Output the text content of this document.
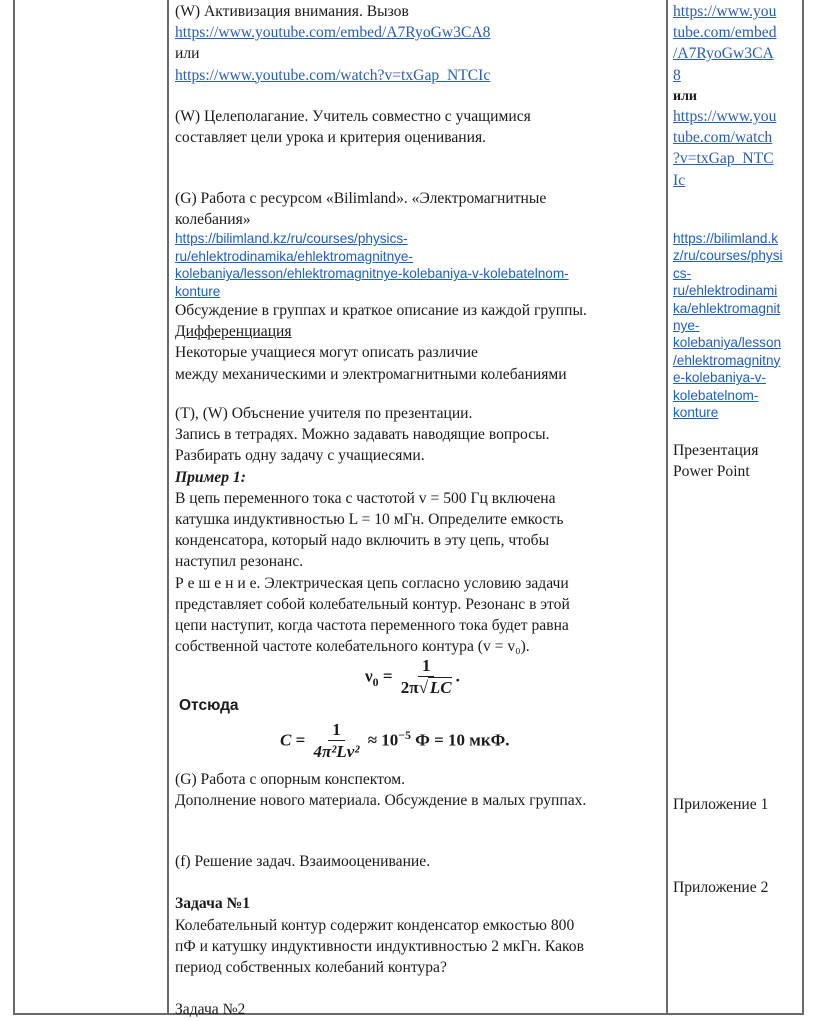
(W) Активизация внимания. Вызов

https://www.youtube.com/embed/A7RyoGw3CA8

или

https://www.youtube.com/watch?v=txGap_NTCIc

(W) Целеполагание. Учитель совместно с учащимися

составляет цели урока и критерия оценивания.

(G) Работа с ресурсом «Bilimland». «Электромагнитные

колебания»

https://bilimland.kz/ru/courses/physics-
ru/ehlektrodinamika/ehlektromagnitnye-
kolebaniya/lesson/ehlektromagnitnye-kolebaniya-v-kolebatelnom-
konture

Обсуждение в группах и краткое описание из каждой группы.

Дифференциация

Некоторые учащиеся могут описать различие

между механическими и электромагнитными колебаниями

(T), (W) Объснение учителя по презентации.

Запись в тетрадях. Можно задавать наводящие вопросы.

Разбирать одну задачу с учащиесями.

Пример 1:

В цепь переменного тока с частотой v = 500 Гц включена

катушка индуктивностью L = 10 мГн. Определите емкость

конденсатора, который надо включить в эту цепь, чтобы

наступил резонанс.

Р е ш е н и е. Электрическая цепь согласно условию задачи

представляет собой колебательный контур. Резонанс в этой

цепи наступит, когда частота переменного тока будет равна

собственной частоте колебательного контура (v = v₀).

$\nu_0 = \frac{1}{2\pi√ LC}$ .
Отсюда
$C = \frac{1}{\text{4π²Lν²}} \approx 10^{-5}$ Ф = 10 мкФ.

(G) Работа с опорным конспектом.

Дополнение нового материала. Обсуждение в малых группах.

(f) Решение задач. Взаимооценивание.

Задача №1

Колебательный контур содержит конденсатор емкостью 800

пФ и катушку индуктивности индуктивностью 2 мкГн. Каков

период собственных колебаний контура?

Задача №2

https://www.you
tube.com/embed
/A7RyoGw3CA
8
или
https://www.you
tube.com/watch
?v=txGap_NTC
Ic
https://bilimland.k
z/ru/courses/physi
cs-
ru/ehlektrodinami
ka/ehlektromagnit
nye-
kolebaniya/lesson
/ehlektromagnitny
e-kolebaniya-v-
kolebatelnom-
konture
Презентация
Power Point
Приложение 1
Приложение 2
